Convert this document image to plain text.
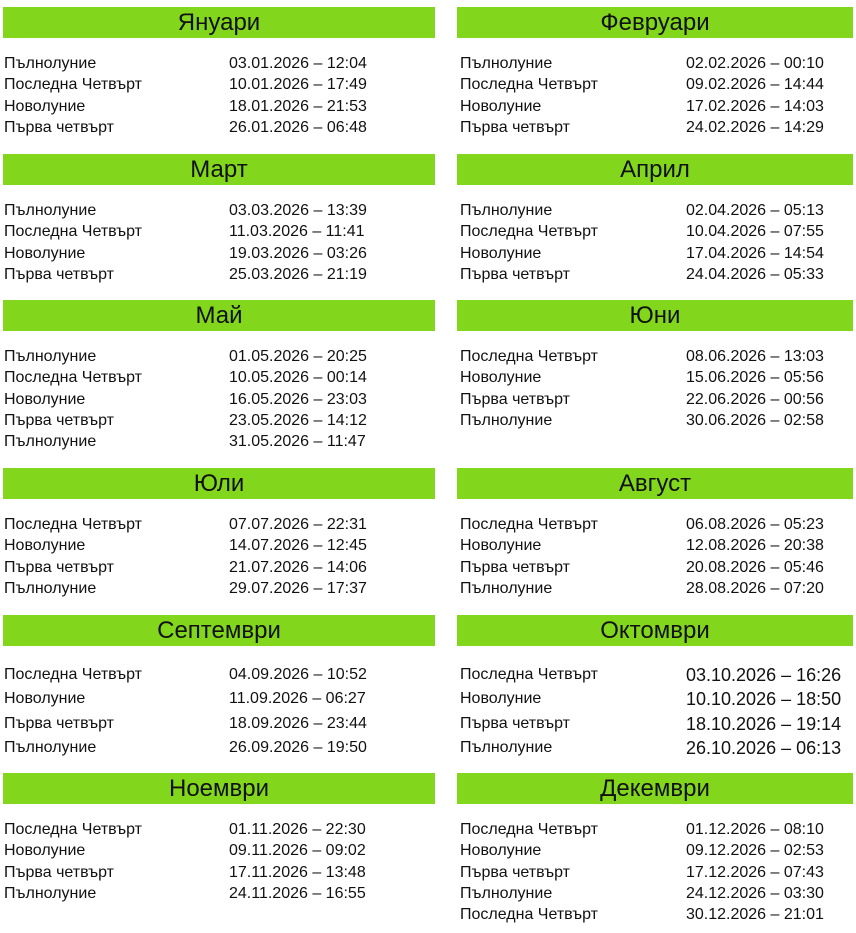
Януари
Пълнолуние	03.01.2026 – 12:04
Последна Четвърт	10.01.2026 – 17:49
Новолуние	18.01.2026 – 21:53
Първа четвърт	26.01.2026 – 06:48
Февруари
Пълнолуние	02.02.2026 – 00:10
Последна Четвърт	09.02.2026 – 14:44
Новолуние	17.02.2026 – 14:03
Първа четвърт	24.02.2026 – 14:29
Март
Пълнолуние	03.03.2026 – 13:39
Последна Четвърт	11.03.2026 – 11:41
Новолуние	19.03.2026 – 03:26
Първа четвърт	25.03.2026 – 21:19
Април
Пълнолуние	02.04.2026 – 05:13
Последна Четвърт	10.04.2026 – 07:55
Новолуние	17.04.2026 – 14:54
Първа четвърт	24.04.2026 – 05:33
Май
Пълнолуние	01.05.2026 – 20:25
Последна Четвърт	10.05.2026 – 00:14
Новолуние	16.05.2026 – 23:03
Първа четвърт	23.05.2026 – 14:12
Пълнолуние	31.05.2026 – 11:47
Юни
Последна Четвърт	08.06.2026 – 13:03
Новолуние	15.06.2026 – 05:56
Първа четвърт	22.06.2026 – 00:56
Пълнолуние	30.06.2026 – 02:58
Юли
Последна Четвърт	07.07.2026 – 22:31
Новолуние	14.07.2026 – 12:45
Първа четвърт	21.07.2026 – 14:06
Пълнолуние	29.07.2026 – 17:37
Август
Последна Четвърт	06.08.2026 – 05:23
Новолуние	12.08.2026 – 20:38
Първа четвърт	20.08.2026 – 05:46
Пълнолуние	28.08.2026 – 07:20
Септември
Последна Четвърт	04.09.2026 – 10:52
Новолуние	11.09.2026 – 06:27
Първа четвърт	18.09.2026 – 23:44
Пълнолуние	26.09.2026 – 19:50
Октомври
Последна Четвърт	03.10.2026 – 16:26
Новолуние	10.10.2026 – 18:50
Първа четвърт	18.10.2026 – 19:14
Пълнолуние	26.10.2026 – 06:13
Ноември
Последна Четвърт	01.11.2026 – 22:30
Новолуние	09.11.2026 – 09:02
Първа четвърт	17.11.2026 – 13:48
Пълнолуние	24.11.2026 – 16:55
Декември
Последна Четвърт	01.12.2026 – 08:10
Новолуние	09.12.2026 – 02:53
Първа четвърт	17.12.2026 – 07:43
Пълнолуние	24.12.2026 – 03:30
Последна Четвърт	30.12.2026 – 21:01
